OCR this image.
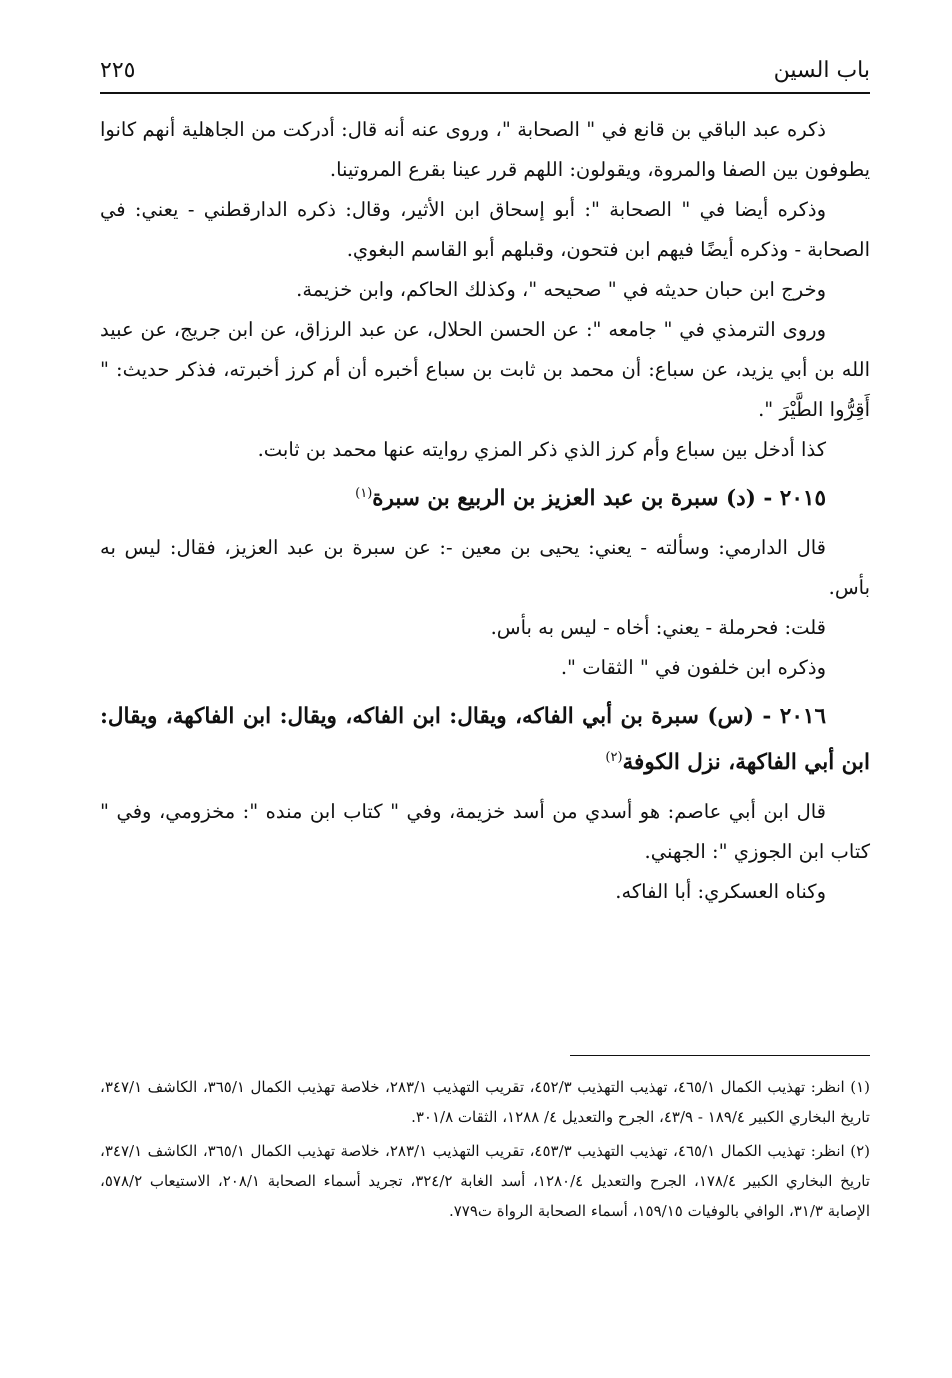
باب السين
٢٢٥

ذكره عبد الباقي بن قانع في " الصحابة "، وروى عنه أنه قال: أدركت من الجاهلية أنهم كانوا يطوفون بين الصفا والمروة، ويقولون: اللهم قرر عينا بقرع المروتينا.

وذكره أيضا في " الصحابة ": أبو إسحاق ابن الأثير، وقال: ذكره الدارقطني - يعني: في الصحابة - وذكره أيضًا فيهم ابن فتحون، وقبلهم أبو القاسم البغوي.

وخرج ابن حبان حديثه في " صحيحه "، وكذلك الحاكم، وابن خزيمة.

وروى الترمذي في " جامعه ": عن الحسن الحلال، عن عبد الرزاق، عن ابن جريج، عن عبيد الله بن أبي يزيد، عن سباع: أن محمد بن ثابت بن سباع أخبره أن أم كرز أخبرته، فذكر حديث: " أَقِرُّوا الطَّيْرَ ".

كذا أدخل بين سباع وأم كرز الذي ذكر المزي روايته عنها محمد بن ثابت.

٢٠١٥ - (د) سبرة بن عبد العزيز بن الربيع بن سبرة$^{(١)}$

قال الدارمي: وسألته - يعني: يحيى بن معين -: عن سبرة بن عبد العزيز، فقال: ليس به بأس.

قلت: فحرملة - يعني: أخاه - ليس به بأس.

وذكره ابن خلفون في " الثقات ".

٢٠١٦ - (س) سبرة بن أبي الفاكه، ويقال: ابن الفاكه، ويقال: ابن الفاكهة، ويقال: ابن أبي الفاكهة، نزل الكوفة$^{(٢)}$

قال ابن أبي عاصم: هو أسدي من أسد خزيمة، وفي " كتاب ابن منده ": مخزومي، وفي " كتاب ابن الجوزي ": الجهني.

وكناه العسكري: أبا الفاكه.

(١) انظر: تهذيب الكمال ٤٦٥/١، تهذيب التهذيب ٤٥٢/٣، تقريب التهذيب ٢٨٣/١، خلاصة تهذيب الكمال ٣٦٥/١، الكاشف ٣٤٧/١، تاريخ البخاري الكبير ١٨٩/٤ - ٤٣/٩، الجرح والتعديل ٤/ ١٢٨٨، الثقات ٣٠١/٨.

(٢) انظر: تهذيب الكمال ٤٦٥/١، تهذيب التهذيب ٤٥٣/٣، تقريب التهذيب ٢٨٣/١، خلاصة تهذيب الكمال ٣٦٥/١، الكاشف ٣٤٧/١، تاريخ البخاري الكبير ١٧٨/٤، الجرح والتعديل ١٢٨٠/٤، أسد الغابة ٣٢٤/٢، تجريد أسماء الصحابة ٢٠٨/١، الاستيعاب ٥٧٨/٢، الإصابة ٣١/٣، الوافي بالوفيات ١٥٩/١٥، أسماء الصحابة الرواة ت٧٧٩.
